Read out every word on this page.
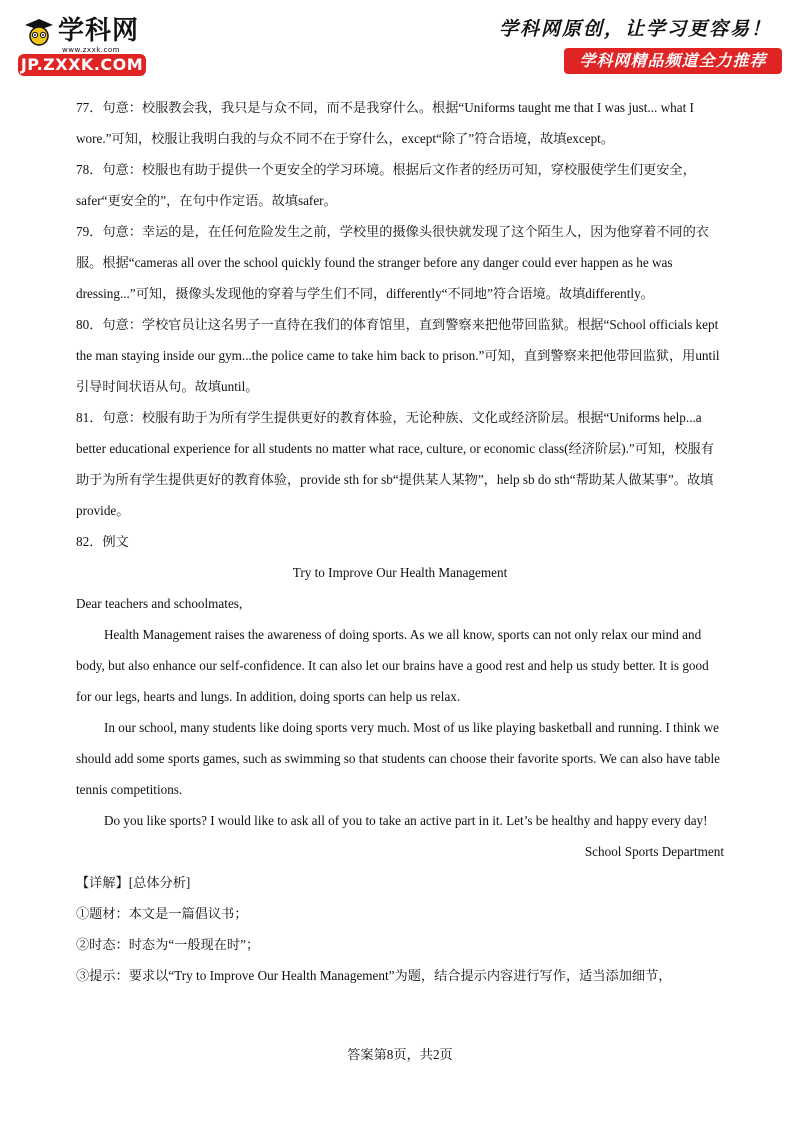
学科网
www.zxxk.com
JP.ZXXK.COM
学科网原创，让学习更容易！
学科网精品频道全力推荐

77．句意：校服教会我，我只是与众不同，而不是我穿什么。根据“Uniforms taught me that I was just... what I wore.”可知，校服让我明白我的与众不同不在于穿什么，except“除了”符合语境，故填except。

78．句意：校服也有助于提供一个更安全的学习环境。根据后文作者的经历可知，穿校服使学生们更安全，safer“更安全的”，在句中作定语。故填safer。

79．句意：幸运的是，在任何危险发生之前，学校里的摄像头很快就发现了这个陌生人，因为他穿着不同的衣服。根据“cameras all over the school quickly found the stranger before any danger could ever happen as he was dressing...”可知，摄像头发现他的穿着与学生们不同，differently“不同地”符合语境。故填differently。

80．句意：学校官员让这名男子一直待在我们的体育馆里，直到警察来把他带回监狱。根据“School officials kept the man staying inside our gym...the police came to take him back to prison.”可知，直到警察来把他带回监狱，用until引导时间状语从句。故填until。

81．句意：校服有助于为所有学生提供更好的教育体验，无论种族、文化或经济阶层。根据“Uniforms help...a better educational experience for all students no matter what race, culture, or economic class(经济阶层).”可知，校服有助于为所有学生提供更好的教育体验，provide sth for sb“提供某人某物”，help sb do sth“帮助某人做某事”。故填provide。

82．例文

Try to Improve Our Health Management

Dear teachers and schoolmates,

Health Management raises the awareness of doing sports. As we all know, sports can not only relax our mind and body, but also enhance our self-confidence. It can also let our brains have a good rest and help us study better. It is good for our legs, hearts and lungs. In addition, doing sports can help us relax.

In our school, many students like doing sports very much. Most of us like playing basketball and running. I think we should add some sports games, such as swimming so that students can choose their favorite sports. We can also have table tennis competitions.

Do you like sports? I would like to ask all of you to take an active part in it. Let’s be healthy and happy every day!

School Sports Department

【详解】[总体分析]

①题材：本文是一篇倡议书；

②时态：时态为“一般现在时”；

③提示：要求以“Try to Improve Our Health Management”为题，结合提示内容进行写作，适当添加细节，

答案第8页，共2页
